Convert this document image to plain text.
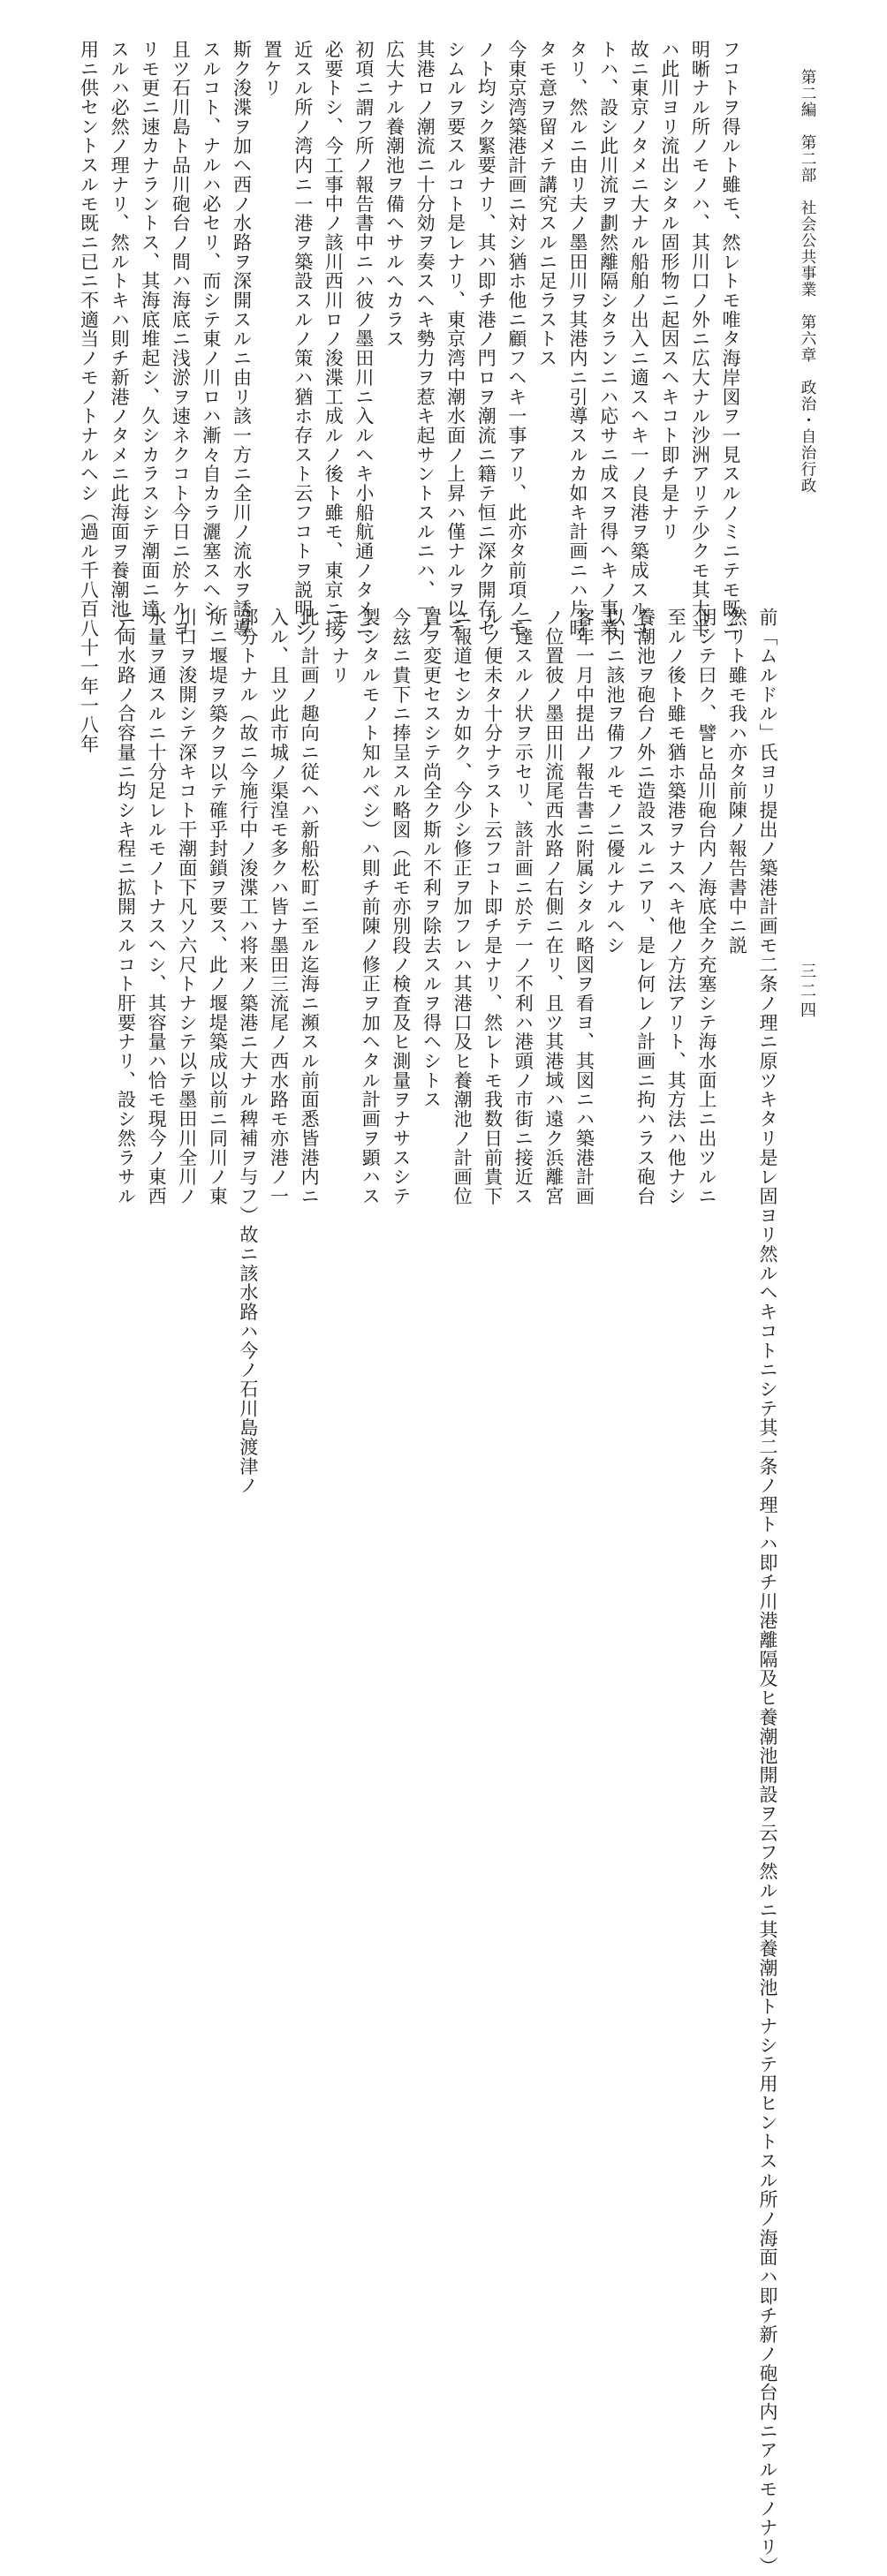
第二編　第二部　社会公共事業　第六章　政治・自治行政
三二四
フコトヲ得ルト雖モ、然レトモ唯タ海岸図ヲ一見スルノミニテモ既ニ
明晰ナル所ノモノハ、其川口ノ外ニ広大ナル沙洲アリテ少クモ其大半
ハ此川ヨリ流出シタル固形物ニ起因スヘキコト即チ是ナリ
故ニ東京ノタメニ大ナル船舶ノ出入ニ適スヘキ一ノ良港ヲ築成スルコ
トハ、設シ此川流ヲ劃然離隔シタランニハ応サニ成スヲ得ヘキノ事業
タリ、然ルニ由リ夫ノ墨田川ヲ其港内ニ引導スルカ如キ計画ニハ片時
タモ意ヲ留メテ講究スルニ足ラストス
今東京湾築港計画ニ対シ猶ホ他ニ顧フヘキ一事アリ、此亦タ前項ノモ
ノト均シク緊要ナリ、其ハ即チ港ノ門ロヲ潮流ニ籍テ恒ニ深ク開存セ
シムルヲ要スルコト是レナリ、東京湾中潮水面ノ上昇ハ僅ナルヲ以テ
其港ロノ潮流ニ十分効ヲ奏スヘキ勢力ヲ惹キ起サントスルニハ、一ノ
広大ナル養潮池ヲ備ヘサルヘカラス
初項ニ謂フ所ノ報告書中ニハ彼ノ墨田川ニ入ルヘキ小船航通ノタメニ
必要トシ、今工事中ノ該川西川ロノ浚渫工成ルノ後ト雖モ、東京ニ接
近スル所ノ湾内ニ一港ヲ築設スルノ策ハ猶ホ存スト云フコトヲ説明シ
置ケリ
斯ク浚渫ヲ加ヘ西ノ水路ヲ深開スルニ由リ該一方ニ全川ノ流水ヲ誘導
スルコト、ナルハ必セリ、而シテ東ノ川ロハ漸々自カラ灑塞スヘシ、
且ツ石川島ト品川砲台ノ間ハ海底ニ浅淤ヲ速ネクコト今日ニ於ケルヨ
リモ更ニ速カナラントス、其海底堆起シ、久シカラスシテ潮面ニ達
スルハ必然ノ理ナリ、然ルトキハ則チ新港ノタメニ此海面ヲ養潮池ノ
用ニ供セントスルモ既ニ已ニ不適当ノモノトナルヘシ（過ル千八百八十一年一八年
前「ムルドル」氏ヨリ提出ノ築港計画モ二条ノ理ニ原ツキタリ是レ固ヨリ然ルヘキコトニシテ其二条ノ理トハ即チ川港離隔及ヒ養潮池開設ヲ云フ然ルニ其養潮池トナシテ用ヒントスル所ノ海面ハ即チ新ノ砲台内ニアルモノナリ）
然リト雖モ我ハ亦タ前陳ノ報告書中ニ説
明シテ曰ク、譬ヒ品川砲台内ノ海底全ク充塞シテ海水面上ニ出ツルニ
至ルノ後ト雖モ猶ホ築港ヲナスヘキ他ノ方法アリト、其方法ハ他ナシ
養潮池ヲ砲台ノ外ニ造設スルニアリ、是レ何レノ計画ニ拘ハラス砲台
以内ニ該池ヲ備フルモノニ優ルナルヘシ
客年一月中提出ノ報告書ニ附属シタル略図ヲ看ヨ、其図ニハ築港計画
ノ位置彼ノ墨田川流尾西水路ノ右側ニ在リ、且ツ其港域ハ遠ク浜離宮
ニ達スルノ状ヲ示セリ、該計画ニ於テ一ノ不利ハ港頭ノ市街ニ接近ス
ルノ便未タ十分ナラスト云フコト即チ是ナリ、然レトモ我数日前貴下
ニ報道セシカ如ク、今少シ修正ヲ加フレハ其港口及ヒ養潮池ノ計画位
置ヲ変更セスシテ尚全ク斯ル不利ヲ除去スルヲ得ヘシトス
今玆ニ貴下ニ捧呈スル略図（此モ亦別段ノ検査及ヒ測量ヲナサスシテ
製シタルモノト知ルベシ）ハ則チ前陳ノ修正ヲ加ヘタル計画ヲ顕ハス
モノナリ
此ノ計画ノ趣向ニ従ヘハ新船松町ニ至ル迄海ニ瀕スル前面悉皆港内ニ
入ル、且ツ此市城ノ渠湟モ多クハ皆ナ墨田三流尾ノ西水路モ亦港ノ一
部分トナル（故ニ今施行中ノ浚渫工ハ将来ノ築港ニ大ナル稗補ヲ与フ）故ニ該水路ハ今ノ石川島渡津ノ
所ニ堰堤ヲ築クヲ以テ確乎封鎖ヲ要ス、此ノ堰堤築成以前ニ同川ノ東
川口ヲ浚開シテ深キコト干潮面下凡ソ六尺トナシテ以テ墨田川全川ノ
水量ヲ通スルニ十分足レルモノトナスヘシ、其容量ハ恰モ現今ノ東西
ニ両水路ノ合容量ニ均シキ程ニ拡開スルコト肝要ナリ、設シ然ラサル
